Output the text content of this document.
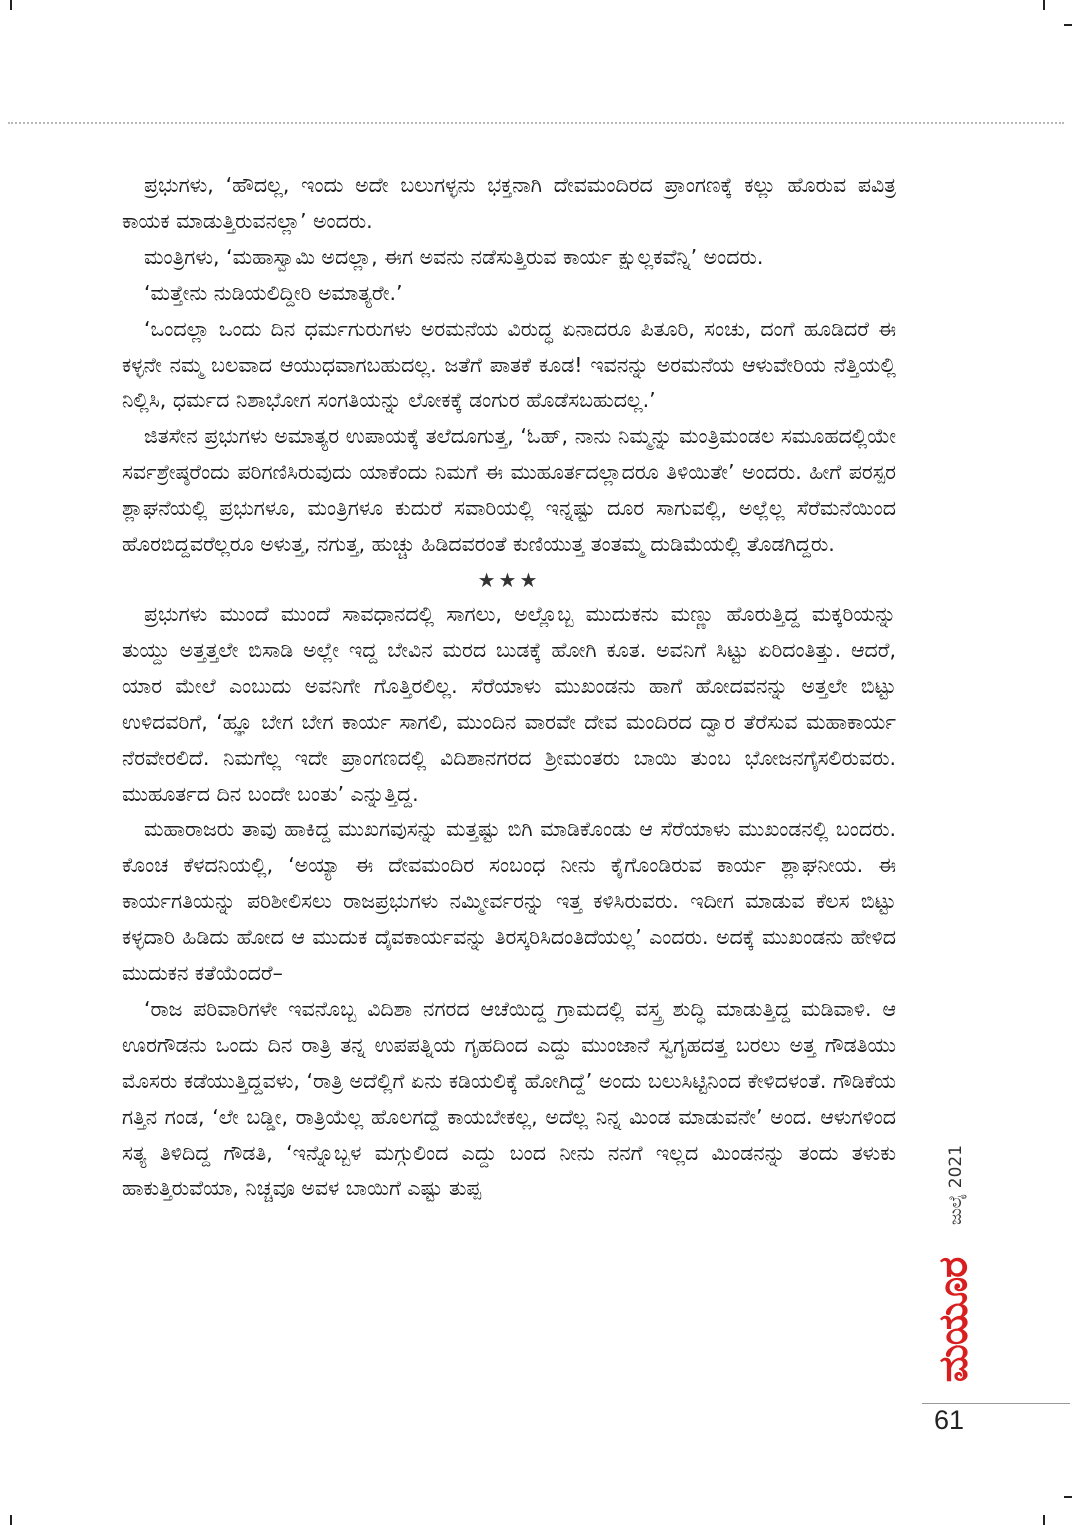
ಪ್ರಭುಗಳು, ‘ಹೌದಲ್ಲ, ಇಂದು ಅದೇ ಬಲುಗಳ್ಳನು ಭಕ್ತನಾಗಿ ದೇವಮಂದಿರದ ಪ್ರಾಂಗಣಕ್ಕೆ ಕಲ್ಲು ಹೊರುವ ಪವಿತ್ರ ಕಾಯಕ ಮಾಡುತ್ತಿರುವನಲ್ಲಾ’ ಅಂದರು.

ಮಂತ್ರಿಗಳು, ‘ಮಹಾಸ್ವಾಮಿ ಅದಲ್ಲಾ, ಈಗ ಅವನು ನಡೆಸುತ್ತಿರುವ ಕಾರ್ಯ ಕ್ಷುಲ್ಲಕವೆನ್ನಿ’ ಅಂದರು.

‘ಮತ್ತೇನು ನುಡಿಯಲಿದ್ದೀರಿ ಅಮಾತ್ಯರೇ.’

‘ಒಂದಲ್ಲಾ ಒಂದು ದಿನ ಧರ್ಮಗುರುಗಳು ಅರಮನೆಯ ವಿರುದ್ಧ ಏನಾದರೂ ಪಿತೂರಿ, ಸಂಚು, ದಂಗೆ ಹೂಡಿದರೆ ಈ ಕಳ್ಳನೇ ನಮ್ಮ ಬಲವಾದ ಆಯುಧವಾಗಬಹುದಲ್ಲ. ಜತೆಗೆ ಪಾತಕೆ ಕೂಡ! ಇವನನ್ನು ಅರಮನೆಯ ಆಳುವೇರಿಯ ನೆತ್ತಿಯಲ್ಲಿ ನಿಲ್ಲಿಸಿ, ಧರ್ಮದ ನಿಶಾಭೋಗ ಸಂಗತಿಯನ್ನು ಲೋಕಕ್ಕೆ ಡಂಗುರ ಹೊಡೆಸಬಹುದಲ್ಲ.’

ಜಿತಸೇನ ಪ್ರಭುಗಳು ಅಮಾತ್ಯರ ಉಪಾಯಕ್ಕೆ ತಲೆದೂಗುತ್ತ, ‘ಓಹ್, ನಾನು ನಿಮ್ಮನ್ನು ಮಂತ್ರಿಮಂಡಲ ಸಮೂಹದಲ್ಲಿಯೇ ಸರ್ವಶ್ರೇಷ್ಠರೆಂದು ಪರಿಗಣಿಸಿರುವುದು ಯಾಕೆಂದು ನಿಮಗೆ ಈ ಮುಹೂರ್ತದಲ್ಲಾದರೂ ತಿಳಿಯಿತೇ’ ಅಂದರು. ಹೀಗೆ ಪರಸ್ಪರ ಶ್ಲಾಘನೆಯಲ್ಲಿ ಪ್ರಭುಗಳೂ, ಮಂತ್ರಿಗಳೂ ಕುದುರೆ ಸವಾರಿಯಲ್ಲಿ ಇನ್ನಷ್ಟು ದೂರ ಸಾಗುವಲ್ಲಿ, ಅಲ್ಲೆಲ್ಲ ಸೆರೆಮನೆಯಿಂದ ಹೊರಬಿದ್ದವರೆಲ್ಲರೂ ಅಳುತ್ತ, ನಗುತ್ತ, ಹುಚ್ಚು ಹಿಡಿದವರಂತೆ ಕುಣಿಯುತ್ತ ತಂತಮ್ಮ ದುಡಿಮೆಯಲ್ಲಿ ತೊಡಗಿದ್ದರು.

★★★

ಪ್ರಭುಗಳು ಮುಂದೆ ಮುಂದೆ ಸಾವಧಾನದಲ್ಲಿ ಸಾಗಲು, ಅಲ್ಲೊಬ್ಬ ಮುದುಕನು ಮಣ್ಣು ಹೊರುತ್ತಿದ್ದ ಮಕ್ಕರಿಯನ್ನು ತುಯ್ದು ಅತ್ತತ್ತಲೇ ಬಿಸಾಡಿ ಅಲ್ಲೇ ಇದ್ದ ಬೇವಿನ ಮರದ ಬುಡಕ್ಕೆ ಹೋಗಿ ಕೂತ. ಅವನಿಗೆ ಸಿಟ್ಟು ಏರಿದಂತಿತ್ತು. ಆದರೆ, ಯಾರ ಮೇಲೆ ಎಂಬುದು ಅವನಿಗೇ ಗೊತ್ತಿರಲಿಲ್ಲ. ಸೆರೆಯಾಳು ಮುಖಂಡನು ಹಾಗೆ ಹೋದವನನ್ನು ಅತ್ತಲೇ ಬಿಟ್ಟು ಉಳಿದವರಿಗೆ, ‘ಹ್ಞೂ ಬೇಗ ಬೇಗ ಕಾರ್ಯ ಸಾಗಲಿ, ಮುಂದಿನ ವಾರವೇ ದೇವ ಮಂದಿರದ ದ್ವಾರ ತೆರೆಸುವ ಮಹಾಕಾರ್ಯ ನೆರವೇರಲಿದೆ. ನಿಮಗೆಲ್ಲ ಇದೇ ಪ್ರಾಂಗಣದಲ್ಲಿ ವಿದಿಶಾನಗರದ ಶ್ರೀಮಂತರು ಬಾಯಿ ತುಂಬ ಭೋಜನಗೈಸಲಿರುವರು. ಮುಹೂರ್ತದ ದಿನ ಬಂದೇ ಬಂತು’ ಎನ್ನುತ್ತಿದ್ದ.

ಮಹಾರಾಜರು ತಾವು ಹಾಕಿದ್ದ ಮುಖಗವುಸನ್ನು ಮತ್ತಷ್ಟು ಬಿಗಿ ಮಾಡಿಕೊಂಡು ಆ ಸೆರೆಯಾಳು ಮುಖಂಡನಲ್ಲಿ ಬಂದರು. ಕೊಂಚ ಕೆಳದನಿಯಲ್ಲಿ, ‘ಅಯ್ಯಾ ಈ ದೇವಮಂದಿರ ಸಂಬಂಧ ನೀನು ಕೈಗೊಂಡಿರುವ ಕಾರ್ಯ ಶ್ಲಾಘನೀಯ. ಈ ಕಾರ್ಯಗತಿಯನ್ನು ಪರಿಶೀಲಿಸಲು ರಾಜಪ್ರಭುಗಳು ನಮ್ಮೀರ್ವರನ್ನು ಇತ್ತ ಕಳಿಸಿರುವರು. ಇದೀಗ ಮಾಡುವ ಕೆಲಸ ಬಿಟ್ಟು ಕಳ್ಳದಾರಿ ಹಿಡಿದು ಹೋದ ಆ ಮುದುಕ ದೈವಕಾರ್ಯವನ್ನು ತಿರಸ್ಕರಿಸಿದಂತಿದೆಯಲ್ಲ’ ಎಂದರು. ಅದಕ್ಕೆ ಮುಖಂಡನು ಹೇಳಿದ ಮುದುಕನ ಕತೆಯೆಂದರೆ–

‘ರಾಜ ಪರಿವಾರಿಗಳೇ ಇವನೊಬ್ಬ ವಿದಿಶಾ ನಗರದ ಆಚೆಯಿದ್ದ ಗ್ರಾಮದಲ್ಲಿ ವಸ್ತ್ರ ಶುದ್ಧಿ ಮಾಡುತ್ತಿದ್ದ ಮಡಿವಾಳಿ. ಆ ಊರಗೌಡನು ಒಂದು ದಿನ ರಾತ್ರಿ ತನ್ನ ಉಪಪತ್ನಿಯ ಗೃಹದಿಂದ ಎದ್ದು ಮುಂಜಾನೆ ಸ್ವಗೃಹದತ್ತ ಬರಲು ಅತ್ತ ಗೌಡತಿಯು ಮೊಸರು ಕಡೆಯುತ್ತಿದ್ದವಳು, ‘ರಾತ್ರಿ ಅದೆಲ್ಲಿಗೆ ಏನು ಕಡಿಯಲಿಕ್ಕೆ ಹೋಗಿದ್ದೆ’ ಅಂದು ಬಲುಸಿಟ್ಟಿನಿಂದ ಕೇಳಿದಳಂತೆ. ಗೌಡಿಕೆಯ ಗತ್ತಿನ ಗಂಡ, ‘ಲೇ ಬಡ್ಡೀ, ರಾತ್ರಿಯೆಲ್ಲ ಹೊಲಗದ್ದೆ ಕಾಯಬೇಕಲ್ಲ, ಅದೆಲ್ಲ ನಿನ್ನ ಮಿಂಡ ಮಾಡುವನೇ’ ಅಂದ. ಆಳುಗಳಿಂದ ಸತ್ಯ ತಿಳಿದಿದ್ದ ಗೌಡತಿ, ‘ಇನ್ನೊಬ್ಬಳ ಮಗ್ಗುಲಿಂದ ಎದ್ದು ಬಂದ ನೀನು ನನಗೆ ಇಲ್ಲದ ಮಿಂಡನನ್ನು ತಂದು ತಳುಕು ಹಾಕುತ್ತಿರುವೆಯಾ, ನಿಚ್ಚವೂ ಅವಳ ಬಾಯಿಗೆ ಎಷ್ಟು ತುಪ್ಪ	ಜುಲೈ 2021
ಮಯೂರ
61
